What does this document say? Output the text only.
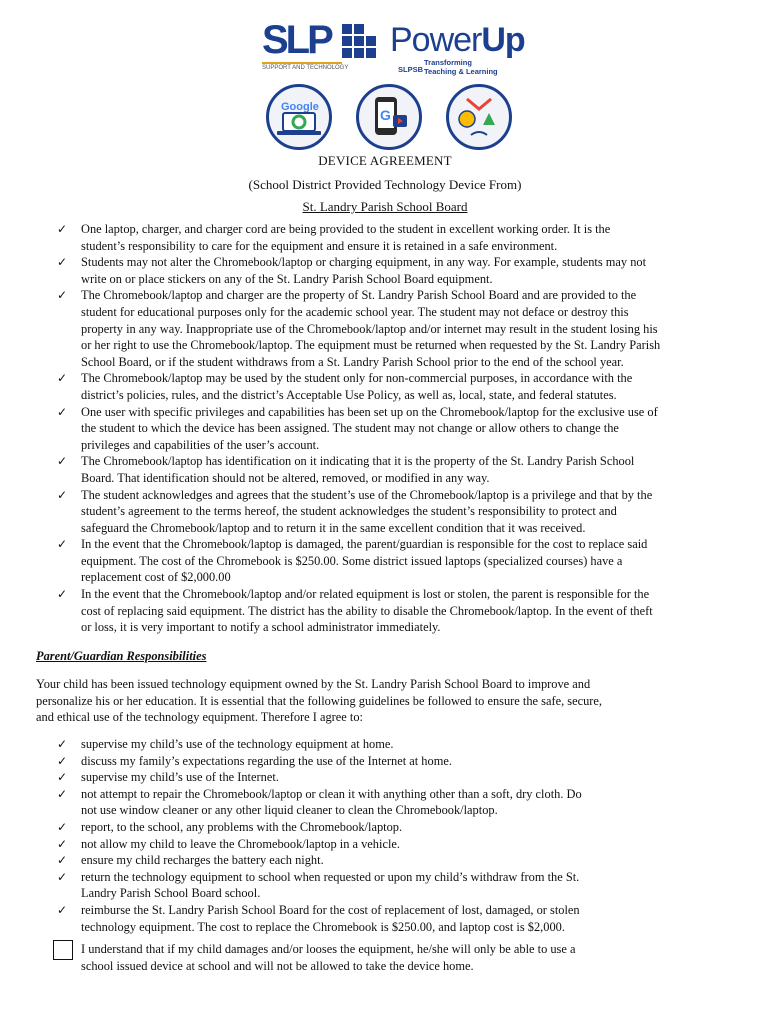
SLP
SUPPORT AND TECHNOLOGY
PowerUp
SLPSB
Transforming
Teaching & Learning
Google	G
DEVICE AGREEMENT
(School District Provided Technology Device From)
St. Landry Parish School Board
✓ One laptop, charger, and charger cord are being provided to the student in excellent working order. It is the
student’s responsibility to care for the equipment and ensure it is retained in a safe environment.
✓ Students may not alter the Chromebook/laptop or charging equipment, in any way. For example, students may not
write on or place stickers on any of the St. Landry Parish School Board equipment.
✓ The Chromebook/laptop and charger are the property of St. Landry Parish School Board and are provided to the
student for educational purposes only for the academic school year. The student may not deface or destroy this
property in any way. Inappropriate use of the Chromebook/laptop and/or internet may result in the student losing his
or her right to use the Chromebook/laptop. The equipment must be returned when requested by the St. Landry Parish
School Board, or if the student withdraws from a St. Landry Parish School prior to the end of the school year.
✓ The Chromebook/laptop may be used by the student only for non-commercial purposes, in accordance with the
district’s policies, rules, and the district’s Acceptable Use Policy, as well as, local, state, and federal statutes.
✓ One user with specific privileges and capabilities has been set up on the Chromebook/laptop for the exclusive use of
the student to which the device has been assigned. The student may not change or allow others to change the
privileges and capabilities of the user’s account.
✓ The Chromebook/laptop has identification on it indicating that it is the property of the St. Landry Parish School
Board. That identification should not be altered, removed, or modified in any way.
✓ The student acknowledges and agrees that the student’s use of the Chromebook/laptop is a privilege and that by the
student’s agreement to the terms hereof, the student acknowledges the student’s responsibility to protect and
safeguard the Chromebook/laptop and to return it in the same excellent condition that it was received.
✓ In the event that the Chromebook/laptop is damaged, the parent/guardian is responsible for the cost to replace said
equipment. The cost of the Chromebook is $250.00. Some district issued laptops (specialized courses) have a
replacement cost of $2,000.00
✓ In the event that the Chromebook/laptop and/or related equipment is lost or stolen, the parent is responsible for the
cost of replacing said equipment. The district has the ability to disable the Chromebook/laptop. In the event of theft
or loss, it is very important to notify a school administrator immediately.
Parent/Guardian Responsibilities
Your child has been issued technology equipment owned by the St. Landry Parish School Board to improve and
personalize his or her education. It is essential that the following guidelines be followed to ensure the safe, secure,
and ethical use of the technology equipment. Therefore I agree to:
✓ supervise my child’s use of the technology equipment at home.
✓ discuss my family’s expectations regarding the use of the Internet at home.
✓ supervise my child’s use of the Internet.
✓ not attempt to repair the Chromebook/laptop or clean it with anything other than a soft, dry cloth. Do
not use window cleaner or any other liquid cleaner to clean the Chromebook/laptop.
✓ report, to the school, any problems with the Chromebook/laptop.
✓ not allow my child to leave the Chromebook/laptop in a vehicle.
✓ ensure my child recharges the battery each night.
✓ return the technology equipment to school when requested or upon my child’s withdraw from the St.
Landry Parish School Board school.
✓ reimburse the St. Landry Parish School Board for the cost of replacement of lost, damaged, or stolen
technology equipment. The cost to replace the Chromebook is $250.00, and laptop cost is $2,000.
I understand that if my child damages and/or looses the equipment, he/she will only be able to use a
school issued device at school and will not be allowed to take the device home.
